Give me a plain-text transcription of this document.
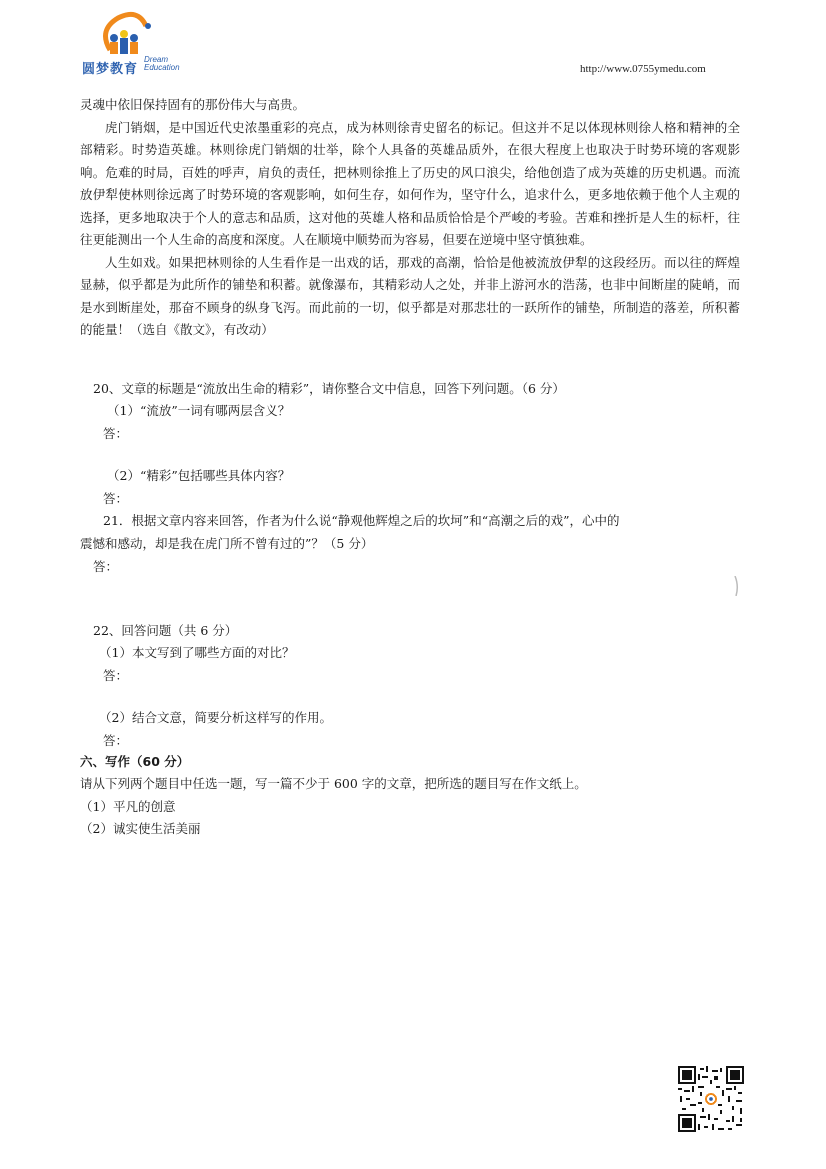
圆梦教育
Dream
Education	http://www.0755ymedu.com

灵魂中依旧保持固有的那份伟大与高贵。

虎门销烟，是中国近代史浓墨重彩的亮点，成为林则徐青史留名的标记。但这并不足以体现林则徐人格和精神的全部精彩。时势造英雄。林则徐虎门销烟的壮举，除个人具备的英雄品质外，在很大程度上也取决于时势环境的客观影响。危难的时局，百姓的呼声，肩负的责任，把林则徐推上了历史的风口浪尖，给他创造了成为英雄的历史机遇。而流放伊犁使林则徐远离了时势环境的客观影响，如何生存，如何作为，坚守什么，追求什么，更多地依赖于他个人主观的选择，更多地取决于个人的意志和品质，这对他的英雄人格和品质恰恰是个严峻的考验。苦难和挫折是人生的标杆，往往更能测出一个人生命的高度和深度。人在顺境中顺势而为容易，但要在逆境中坚守慎独难。

人生如戏。如果把林则徐的人生看作是一出戏的话，那戏的高潮，恰恰是他被流放伊犁的这段经历。而以往的辉煌显赫，似乎都是为此所作的铺垫和积蓄。就像瀑布，其精彩动人之处，并非上游河水的浩荡，也非中间断崖的陡峭，而是水到断崖处，那奋不顾身的纵身飞泻。而此前的一切，似乎都是对那悲壮的一跃所作的铺垫，所制造的落差，所积蓄的能量！（选自《散文》，有改动）

20、文章的标题是“流放出生命的精彩”，请你整合文中信息，回答下列问题。（6 分）
（1）“流放”一词有哪两层含义？
答：
（2）“精彩”包括哪些具体内容？
答：
21．根据文章内容来回答，作者为什么说“静观他辉煌之后的坎坷”和“高潮之后的戏”，心中的
震憾和感动，却是我在虎门所不曾有过的”？（5 分）
答：
22、回答问题（共 6 分）
（1）本文写到了哪些方面的对比？
答：
（2）结合文意，简要分析这样写的作用。
答：
六、写作（60 分）
请从下列两个题目中任选一题，写一篇不少于 600 字的文章，把所选的题目写在作文纸上。
（1）平凡的创意
（2）诚实使生活美丽
